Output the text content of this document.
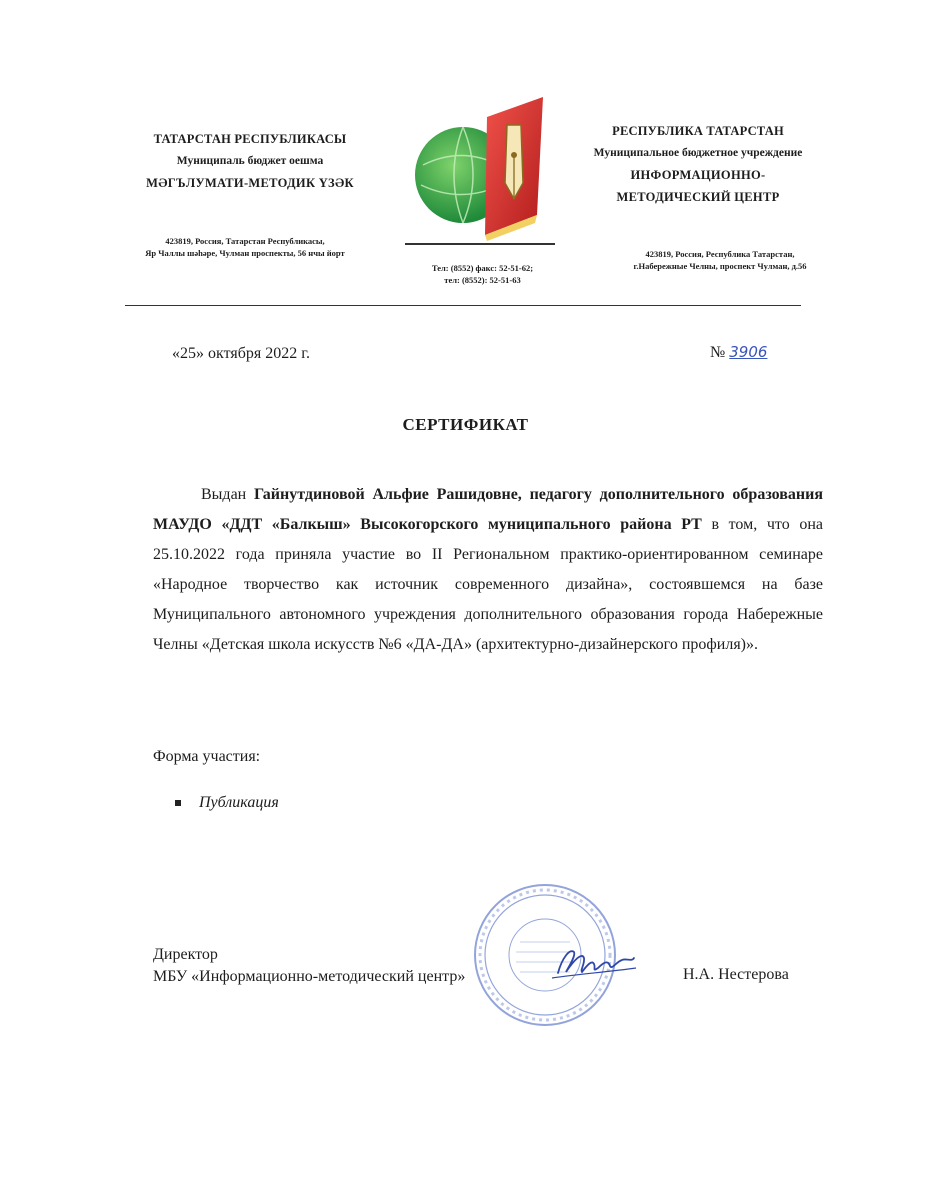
ТАТАРСТАН РЕСПУБЛИКАСЫ
Муниципаль бюджет оешма
МӘГЪЛУМАТИ-МЕТОДИК ҮЗӘК
423819, Россия, Татарстан Республикасы,
Яр Чаллы шәһәре, Чулман проспекты, 56 нчы йорт
Тел: (8552) факс: 52-51-62;
тел: (8552): 52-51-63
РЕСПУБЛИКА ТАТАРСТАН
Муниципальное бюджетное учреждение
ИНФОРМАЦИОННО-
МЕТОДИЧЕСКИЙ ЦЕНТР
423819, Россия, Республика Татарстан,
г.Набережные Челны, проспект Чулман, д.56
«25» октября 2022 г.	№ 3906
СЕРТИФИКАТ
Выдан Гайнутдиновой Альфие Рашидовне, педагогу дополнительного образования МАУДО «ДДТ «Балкыш» Высокогорского муниципального района РТ в том, что она 25.10.2022 года приняла участие во II Региональном практико-ориентированном семинаре «Народное творчество как источник современного дизайна», состоявшемся на базе Муниципального автономного учреждения дополнительного образования города Набережные Челны «Детская школа искусств №6 «ДА-ДА» (архитектурно-дизайнерского профиля)».
Форма участия:
Публикация
Директор
МБУ «Информационно-методический центр»	Н.А. Нестерова
